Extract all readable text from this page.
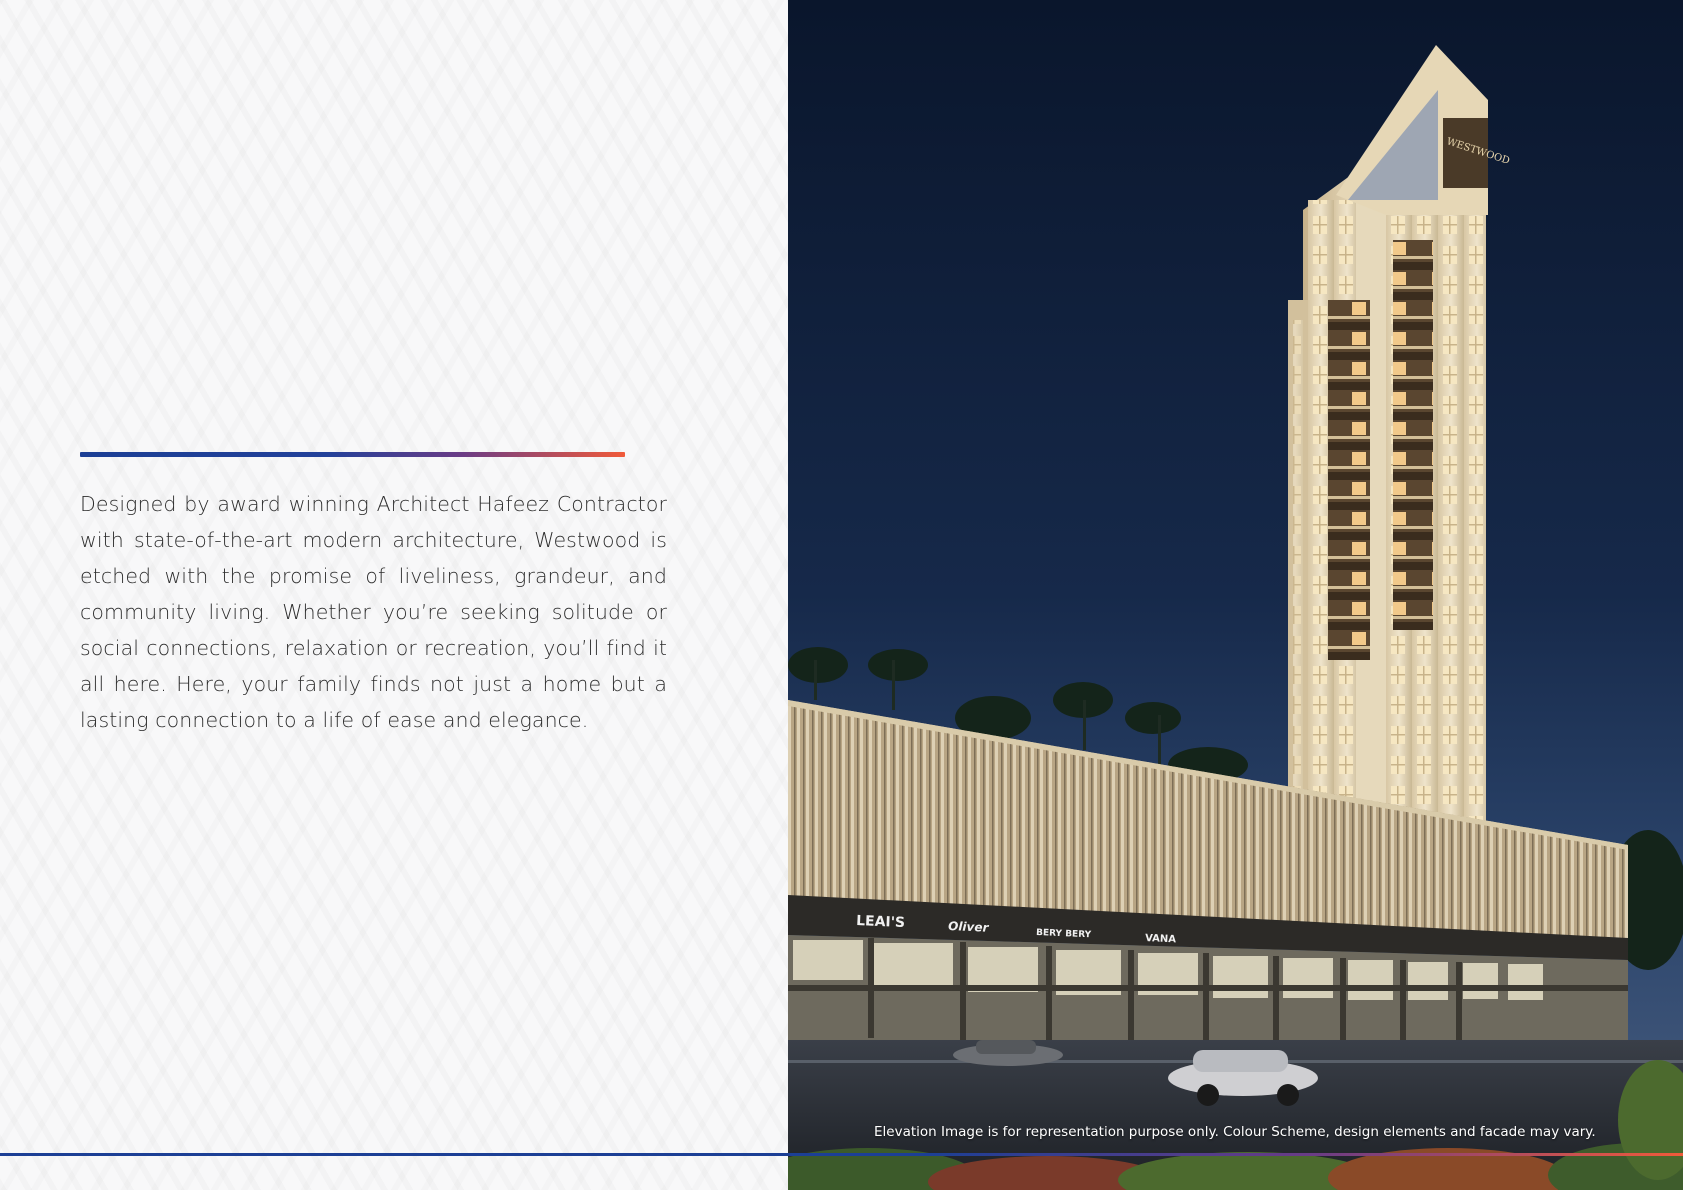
Designed by award winning Architect Hafeez Contractor with state-of-the-art modern architecture, Westwood is etched with the promise of liveliness, grandeur, and community living. Whether you’re seeking solitude or social connections, relaxation or recreation, you’ll find it all here. Here, your family finds not just a home but a lasting connection to a life of ease and elegance.

WESTWOOD
LEAI'S	Oliver	BERY BERY	VANA
Elevation Image is for representation purpose only. Colour Scheme, design elements and facade may vary.
